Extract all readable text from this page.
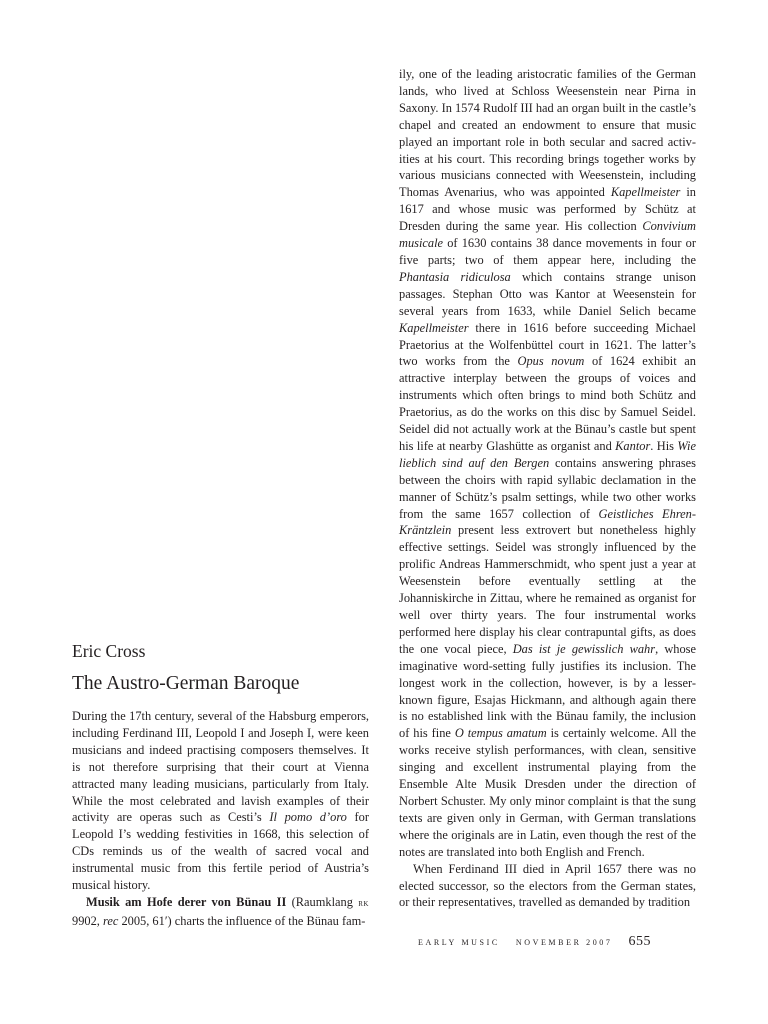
Eric Cross
The Austro-German Baroque

During the 17th century, several of the Habsburg emperors, including Ferdinand III, Leopold I and Joseph I, were keen musicians and indeed practising composers themselves. It is not therefore surprising that their court at Vienna attracted many leading musicians, particularly from Italy. While the most celebrated and lavish examples of their activity are operas such as Cesti’s Il pomo d’oro for Leopold I’s wedding festivities in 1668, this selection of CDs reminds us of the wealth of sacred vocal and instrumental music from this fertile period of Austria’s musical history.

Musik am Hofe derer von Bünau II (Raumklang rk 9902, rec 2005, 61′) charts the influence of the Bünau fam-

ily, one of the leading aristocratic families of the German lands, who lived at Schloss Weesenstein near Pirna in Saxony. In 1574 Rudolf III had an organ built in the castle’s chapel and created an endowment to ensure that music played an important role in both secular and sacred activities at his court. This recording brings together works by various musicians connected with Weesenstein, including Thomas Avenarius, who was appointed Kapellmeister in 1617 and whose music was performed by Schütz at Dresden during the same year. His collection Convivium musicale of 1630 contains 38 dance movements in four or five parts; two of them appear here, including the Phantasia ridiculosa which contains strange unison passages. Stephan Otto was Kantor at Weesenstein for several years from 1633, while Daniel Selich became Kapellmeister there in 1616 before succeeding Michael Praetorius at the Wolfenbüttel court in 1621. The latter’s two works from the Opus novum of 1624 exhibit an attractive interplay between the groups of voices and instruments which often brings to mind both Schütz and Praetorius, as do the works on this disc by Samuel Seidel. Seidel did not actually work at the Bünau’s castle but spent his life at nearby Glashütte as organist and Kantor. His Wie lieblich sind auf den Bergen contains answering phrases between the choirs with rapid syllabic declamation in the manner of Schütz’s psalm settings, while two other works from the same 1657 collection of Geistliches Ehren-Kräntzlein present less extrovert but nonetheless highly effective settings. Seidel was strongly influenced by the prolific Andreas Hammerschmidt, who spent just a year at Weesenstein before eventually settling at the Johanniskirche in Zittau, where he remained as organist for well over thirty years. The four instrumental works performed here display his clear contrapuntal gifts, as does the one vocal piece, Das ist je gewisslich wahr, whose imaginative word-setting fully justifies its inclusion. The longest work in the collection, however, is by a lesser-known figure, Esajas Hickmann, and although again there is no established link with the Bünau family, the inclusion of his fine O tempus amatum is certainly welcome. All the works receive stylish performances, with clean, sensitive singing and excellent instrumental playing from the Ensemble Alte Musik Dresden under the direction of Norbert Schuster. My only minor complaint is that the sung texts are given only in German, with German translations where the originals are in Latin, even though the rest of the notes are translated into both English and French.

When Ferdinand III died in April 1657 there was no elected successor, so the electors from the German states, or their representatives, travelled as demanded by tradition

early music november 2007 655
